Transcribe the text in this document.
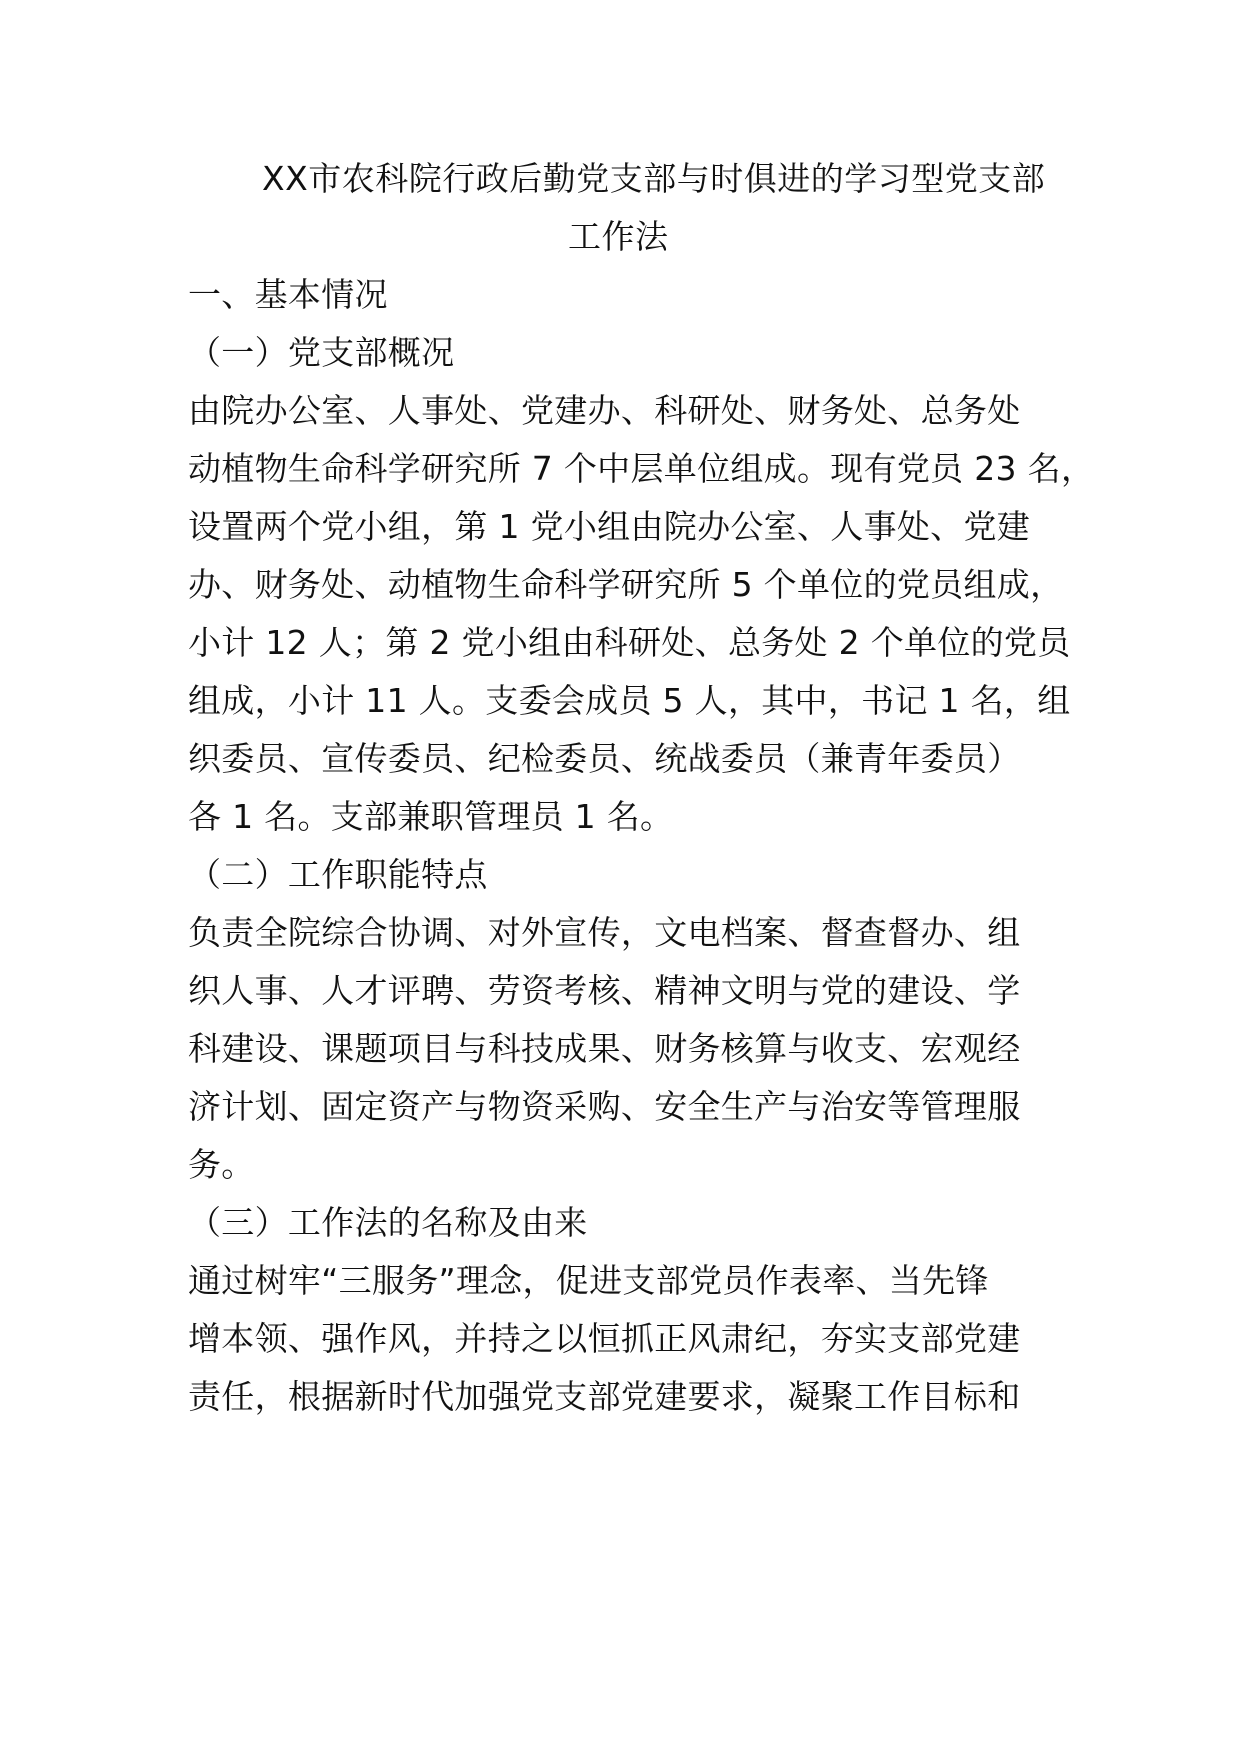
XX市农科院行政后勤党支部与时俱进的学习型党支部
工作法
一、基本情况
（一）党支部概况
由院办公室、人事处、党建办、科研处、财务处、总务处
动植物生命科学研究所 7 个中层单位组成。现有党员 23 名，
设置两个党小组，第 1 党小组由院办公室、人事处、党建
办、财务处、动植物生命科学研究所 5 个单位的党员组成，
小计 12 人；第 2 党小组由科研处、总务处 2 个单位的党员
组成，小计 11 人。支委会成员 5 人，其中，书记 1 名，组
织委员、宣传委员、纪检委员、统战委员（兼青年委员）
各 1 名。支部兼职管理员 1 名。
（二）工作职能特点
负责全院综合协调、对外宣传，文电档案、督查督办、组
织人事、人才评聘、劳资考核、精神文明与党的建设、学
科建设、课题项目与科技成果、财务核算与收支、宏观经
济计划、固定资产与物资采购、安全生产与治安等管理服
务。
（三）工作法的名称及由来
通过树牢“三服务”理念，促进支部党员作表率、当先锋
增本领、强作风，并持之以恒抓正风肃纪，夯实支部党建
责任，根据新时代加强党支部党建要求，凝聚工作目标和
